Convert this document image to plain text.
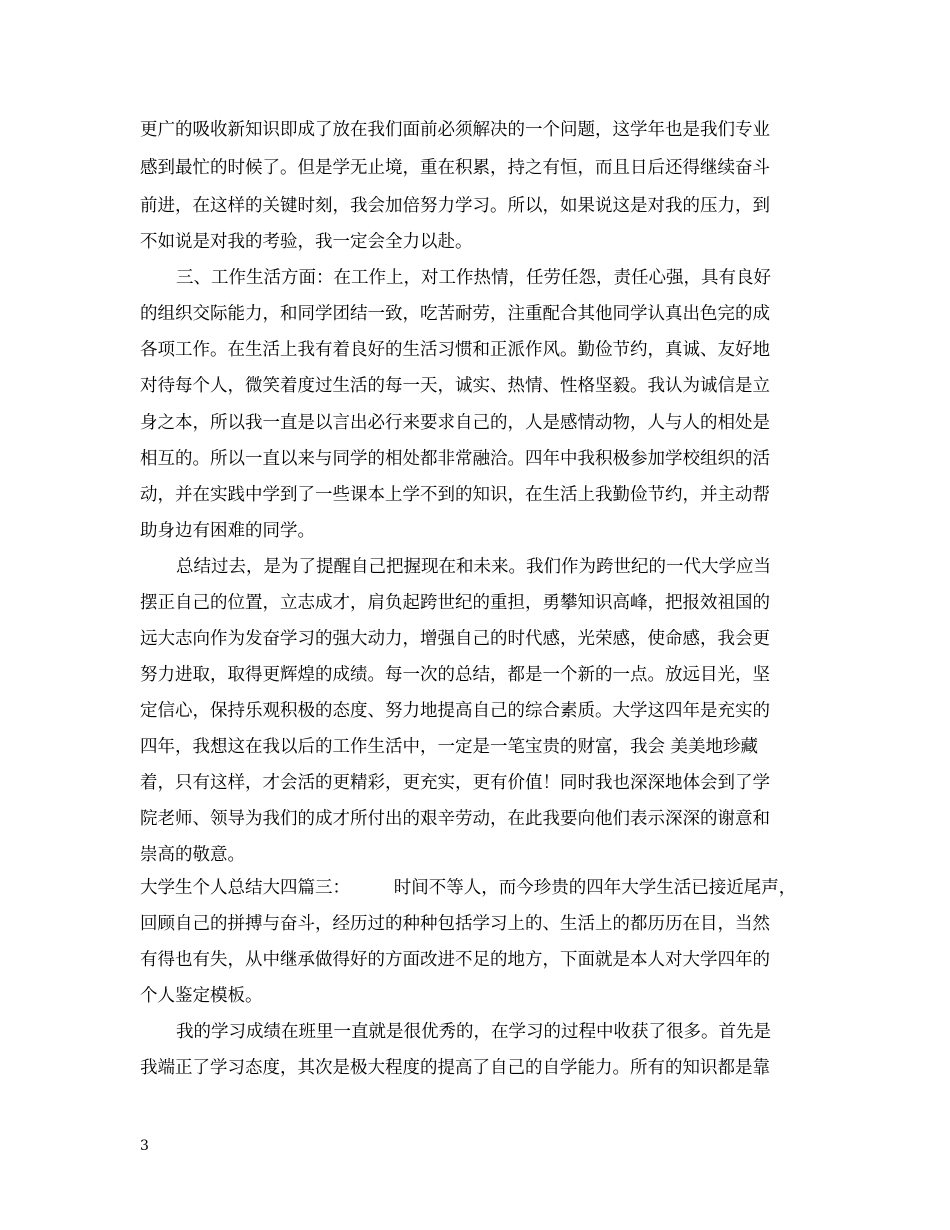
更广的吸收新知识即成了放在我们面前必须解决的一个问题，这学年也是我们专业
感到最忙的时候了。但是学无止境，重在积累，持之有恒，而且日后还得继续奋斗
前进，在这样的关键时刻，我会加倍努力学习。所以，如果说这是对我的压力，到
不如说是对我的考验，我一定会全力以赴。
三、工作生活方面：在工作上，对工作热情，任劳任怨，责任心强，具有良好
的组织交际能力，和同学团结一致，吃苦耐劳，注重配合其他同学认真出色完的成
各项工作。在生活上我有着良好的生活习惯和正派作风。勤俭节约，真诚、友好地
对待每个人，微笑着度过生活的每一天，诚实、热情、性格坚毅。我认为诚信是立
身之本，所以我一直是以言出必行来要求自己的，人是感情动物，人与人的相处是
相互的。所以一直以来与同学的相处都非常融洽。四年中我积极参加学校组织的活
动，并在实践中学到了一些课本上学不到的知识，在生活上我勤俭节约，并主动帮
助身边有困难的同学。
总结过去，是为了提醒自己把握现在和未来。我们作为跨世纪的一代大学应当
摆正自己的位置，立志成才，肩负起跨世纪的重担，勇攀知识高峰，把报效祖国的
远大志向作为发奋学习的强大动力，增强自己的时代感，光荣感，使命感，我会更
努力进取，取得更辉煌的成绩。每一次的总结，都是一个新的一点。放远目光，坚
定信心，保持乐观积极的态度、努力地提高自己的综合素质。大学这四年是充实的
四年，我想这在我以后的工作生活中，一定是一笔宝贵的财富，我会 美美地珍藏
着，只有这样，才会活的更精彩，更充实，更有价值！同时我也深深地体会到了学
院老师、领导为我们的成才所付出的艰辛劳动，在此我要向他们表示深深的谢意和
崇高的敬意。
大学生个人总结大四篇三：　　　时间不等人，而今珍贵的四年大学生活已接近尾声，
回顾自己的拼搏与奋斗，经历过的种种包括学习上的、生活上的都历历在目，当然
有得也有失，从中继承做得好的方面改进不足的地方，下面就是本人对大学四年的
个人鉴定模板。
我的学习成绩在班里一直就是很优秀的，在学习的过程中收获了很多。首先是
我端正了学习态度，其次是极大程度的提高了自己的自学能力。所有的知识都是靠
3
